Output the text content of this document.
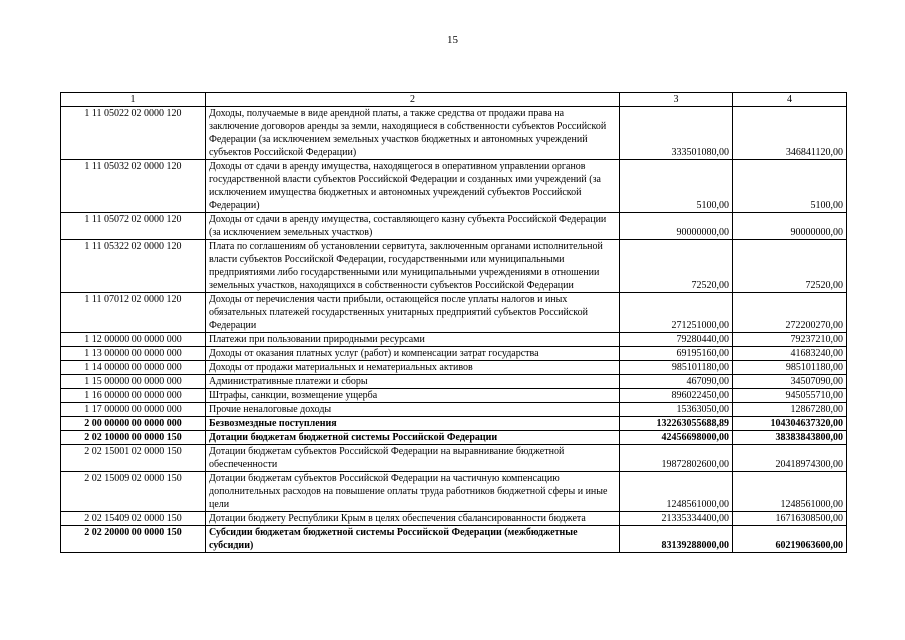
15
1	2	3	4
1 11 05022 02 0000 120	Доходы, получаемые в виде арендной платы, а также средства от продажи права на заключение договоров аренды за земли, находящиеся в собственности субъектов Российской Федерации (за исключением земельных участков бюджетных и автономных учреждений субъектов Российской Федерации)	333501080,00	346841120,00
1 11 05032 02 0000 120	Доходы от сдачи в аренду имущества, находящегося в оперативном управлении органов государственной власти субъектов Российской Федерации и созданных ими учреждений (за исключением имущества бюджетных и автономных учреждений субъектов Российской Федерации)	5100,00	5100,00
1 11 05072 02 0000 120	Доходы от сдачи в аренду имущества, составляющего казну субъекта Российской Федерации (за исключением земельных участков)	90000000,00	90000000,00
1 11 05322 02 0000 120	Плата по соглашениям об установлении сервитута, заключенным органами исполнительной власти субъектов Российской Федерации, государственными или муниципальными предприятиями либо государственными или муниципальными учреждениями в отношении земельных участков, находящихся в собственности субъектов Российской Федерации	72520,00	72520,00
1 11 07012 02 0000 120	Доходы от перечисления части прибыли, остающейся после уплаты налогов и иных обязательных платежей государственных унитарных предприятий субъектов Российской Федерации	271251000,00	272200270,00
1 12 00000 00 0000 000	Платежи при пользовании природными ресурсами	79280440,00	79237210,00
1 13 00000 00 0000 000	Доходы от оказания платных услуг (работ) и компенсации затрат государства	69195160,00	41683240,00
1 14 00000 00 0000 000	Доходы от продажи материальных и нематериальных активов	985101180,00	985101180,00
1 15 00000 00 0000 000	Административные платежи и сборы	467090,00	34507090,00
1 16 00000 00 0000 000	Штрафы, санкции, возмещение ущерба	896022450,00	945055710,00
1 17 00000 00 0000 000	Прочие неналоговые доходы	15363050,00	12867280,00
2 00 00000 00 0000 000	Безвозмездные поступления	132263055688,89	104304637320,00
2 02 10000 00 0000 150	Дотации бюджетам бюджетной системы Российской Федерации	42456698000,00	38383843800,00
2 02 15001 02 0000 150	Дотации бюджетам субъектов Российской Федерации на выравнивание бюджетной обеспеченности	19872802600,00	20418974300,00
2 02 15009 02 0000 150	Дотации бюджетам субъектов Российской Федерации на частичную компенсацию дополнительных расходов на повышение оплаты труда работников бюджетной сферы и иные цели	1248561000,00	1248561000,00
2 02 15409 02 0000 150	Дотации бюджету Республики Крым в целях обеспечения сбалансированности бюджета	21335334400,00	16716308500,00
2 02 20000 00 0000 150	Субсидии бюджетам бюджетной системы Российской Федерации (межбюджетные субсидии)	83139288000,00	60219063600,00
